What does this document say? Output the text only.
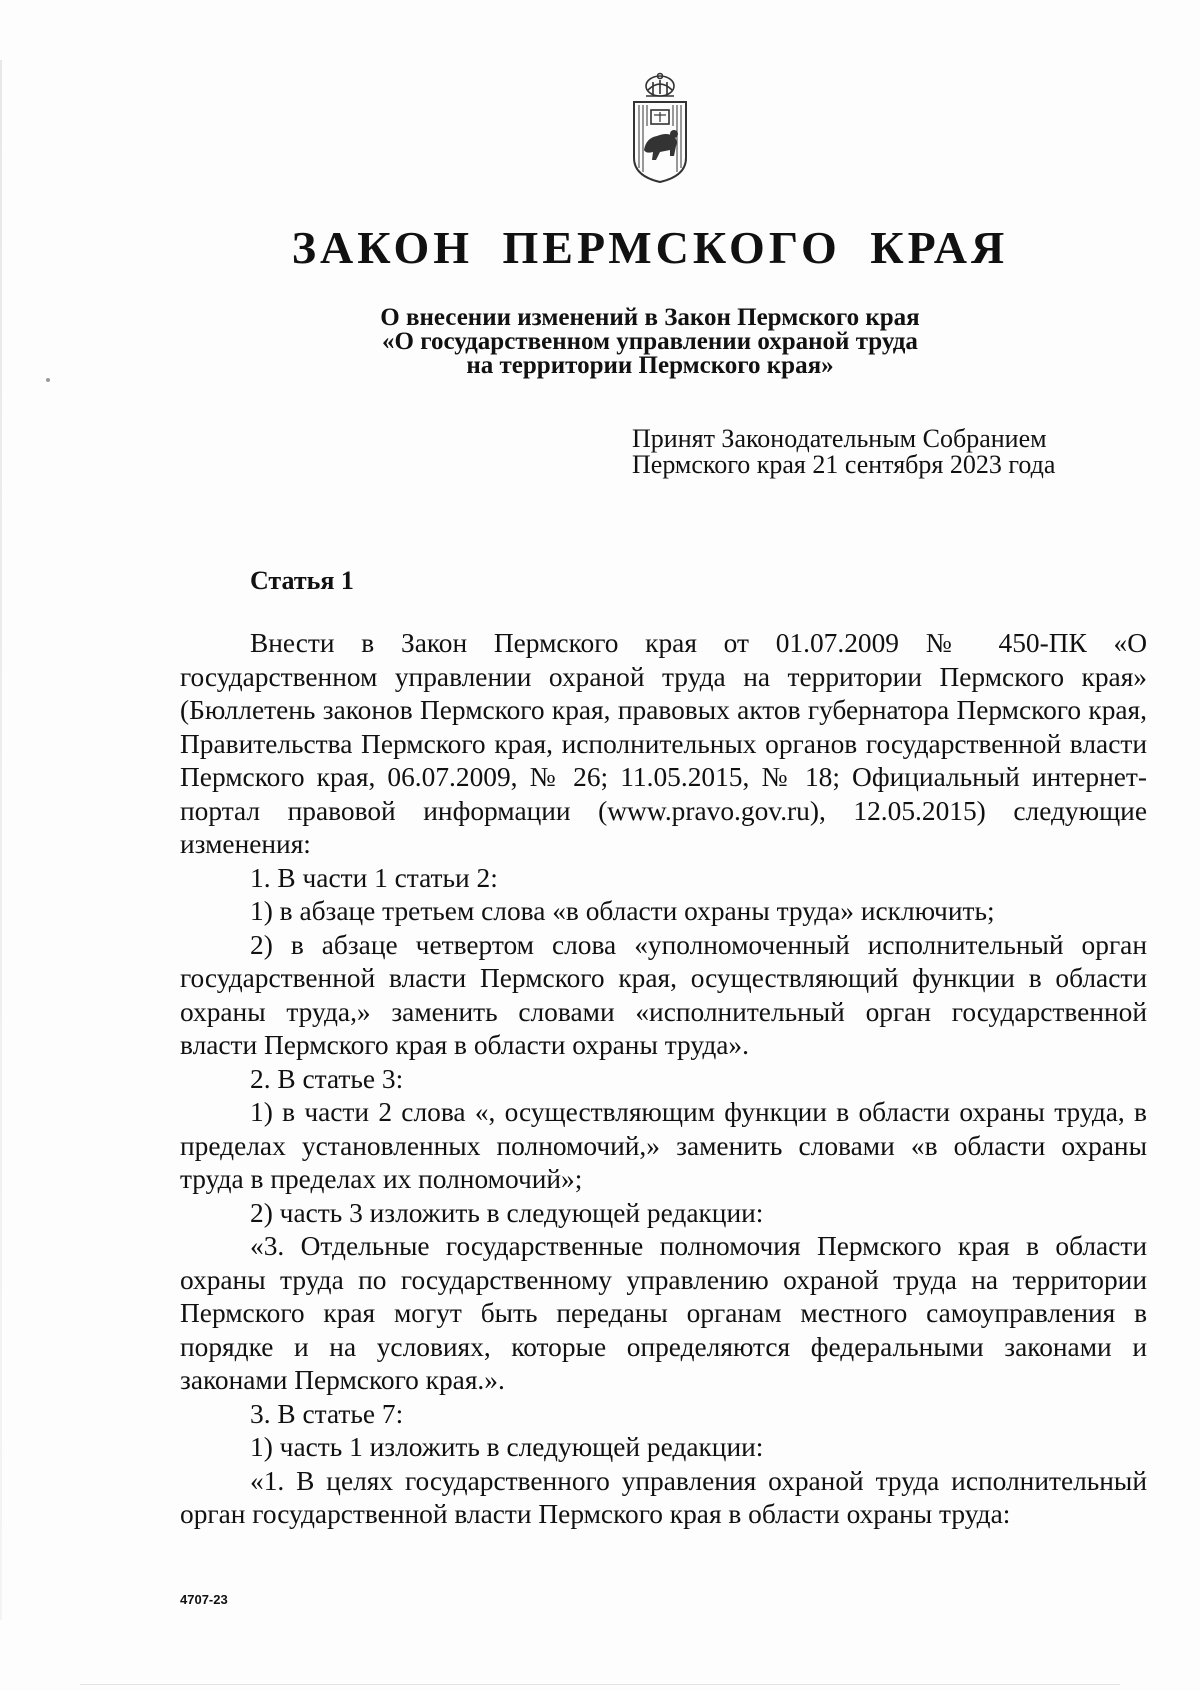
ЗАКОН ПЕРМСКОГО КРАЯ
О внесении изменений в Закон Пермского края
«О государственном управлении охраной труда
на территории Пермского края»
Принят Законодательным Собранием
Пермского края 21 сентября 2023 года
Статья 1

Внести в Закон Пермского края от 01.07.2009 № 450-ПК «О государственном управлении охраной труда на территории Пермского края» (Бюллетень законов Пермского края, правовых актов губернатора Пермского края, Правительства Пермского края, исполнительных органов государственной власти Пермского края, 06.07.2009, № 26; 11.05.2015, № 18; Официальный интернет-портал правовой информации (www.pravo.gov.ru), 12.05.2015) следующие изменения:

1. В части 1 статьи 2:

1) в абзаце третьем слова «в области охраны труда» исключить;

2) в абзаце четвертом слова «уполномоченный исполнительный орган государственной власти Пермского края, осуществляющий функции в области охраны труда,» заменить словами «исполнительный орган государственной власти Пермского края в области охраны труда».

2. В статье 3:

1) в части 2 слова «, осуществляющим функции в области охраны труда, в пределах установленных полномочий,» заменить словами «в области охраны труда в пределах их полномочий»;

2) часть 3 изложить в следующей редакции:

«3. Отдельные государственные полномочия Пермского края в области охраны труда по государственному управлению охраной труда на территории Пермского края могут быть переданы органам местного самоуправления в порядке и на условиях, которые определяются федеральными законами и законами Пермского края.».

3. В статье 7:

1) часть 1 изложить в следующей редакции:

«1. В целях государственного управления охраной труда исполнительный орган государственной власти Пермского края в области охраны труда:

4707-23
